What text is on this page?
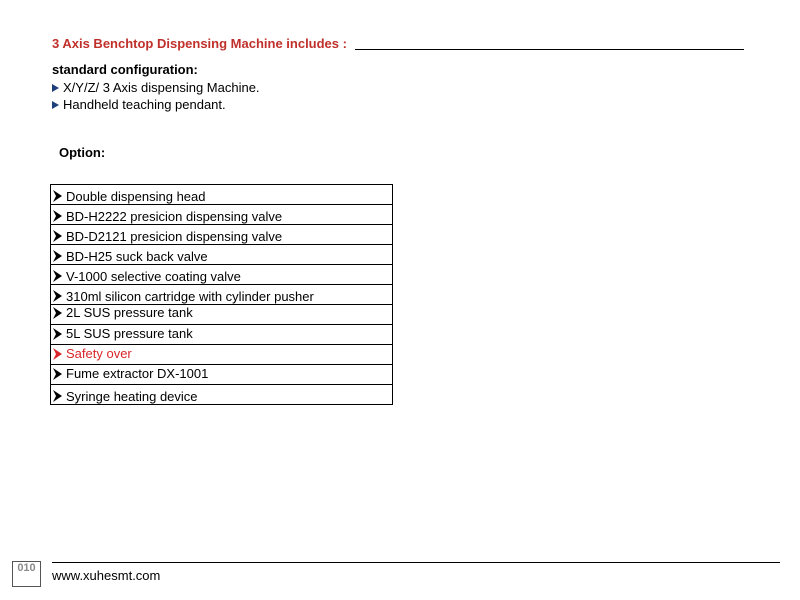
3 Axis Benchtop Dispensing Machine includes :
standard configuration:
X/Y/Z/ 3 Axis dispensing Machine.
Handheld teaching pendant.
Option:
Double dispensing head
BD-H2222 presicion dispensing valve
BD-D2121 presicion dispensing valve
BD-H25 suck back valve
V-1000 selective coating valve
310ml silicon cartridge with cylinder pusher
2L SUS pressure tank
5L SUS pressure tank
Safety over
Fume extractor DX-1001
Syringe heating device
010	www.xuhesmt.com
